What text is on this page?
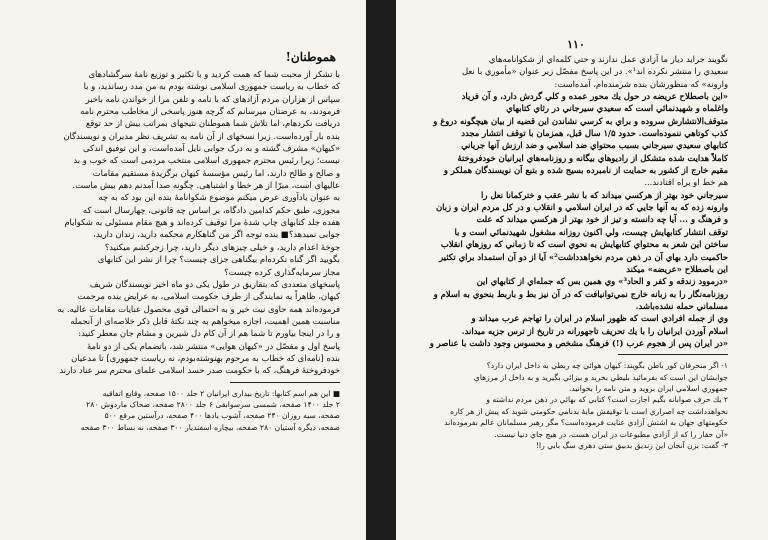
هموطنان!
با تشکر از محبت شما که همت کردید و با تکثیر و توزیع نامهٔ سرگشادهای
که خطاب به ریاست جمهوری اسلامی نوشته بودم به من مدد رساندید، و با
سپاس از هزاران مردم آزادهای که با نامه و تلفن مرا از خواندن نامه باخبر
فرمودند، به عرضتان میرسانم که گرچه هنوز پاسخی از مخاطب محترم نامه
دریافت نکردهام، اما تلاش شما هموطنان نتیجهای بمراتب بیش از حد توقع
بنده بار آورده‌است. زیرا نسخهای از آن نامه به تشریف نظر مدیران و نویسندگان
«کیهان» مشرف گشته و به درک جوابی نایل آمده‌است، و این توفیق اندکی
نیست؛ زیرا رئیس محترم جمهوری اسلامی منتخب مردمی است که خوب و بد
و صالح و طالح دارند، اما رئیس مؤسسهٔ کیهان برگزیدهٔ مستقیم مقامات
عالیهای است، مبرّا از هر خطا و اشتباهی. چگونه صدا آمدنم دهم بیش ماست.
به عنوان یادآوری عرض میکنم موضوع شکوانامهٔ بنده این بود که به چه
مجوزی، طبق حکم کدامین دادگاه، بر اساس چه قانونی، چهارسال است که
هفده جلد کتابهای چاپ شدهٔ مرا توقیف کرده‌اند و هیچ مقام مسئولی به شکوایام
جوابی نمیدهد؟■ بنده توجه اگر من گناهکارم محکمه دارید، زندان دارید،
جوخهٔ اعدام دارید، و خیلی چیزهای دیگر دارید، چرا زجرکشم میکنید؟
بگویید اگر گناه نکرده‌ام بیگناهی جزای چیست؟ چرا از نشر این کتابهای
مجاز سرمایه‌گذاری کرده چیست؟
پاسخهای متعددی که بتقاریق در طول یکی دو ماه اخیر نویسندگان شریف
کیهان، ظاهراً به نمایندگی از طرف حکومت اسلامی، به عرایض بنده مرحمت
فرموده‌اند همه حاوی نیت خیر و به احتمالی قوی محصول عنایات مقامات عالیه. به
مناسبت همین اهمیت، اجازه میخواهم به چند نکتهٔ قابل ذکر خلاصه‌ای از آنجمله
و را در اینجا بیاورم تا شما هم از آن کام دل شیرین و مشام جان معطر کنید:
پاسخ اول و مفصّل در «کیهان هوایی» منتشر شد، باتضمام یکی از دو نامهٔ
بنده [نامه‌ای که خطاب به مرحوم بهنوشته‌بودم، نه ریاست جمهوری] تا مدعیان
خودفروختهٔ فرهنگ، که با حکومت صدر حسد اسلامی علمای محترم سر عناد دارند
■ این هم اسم کتابها: تاریخ بیداری ایرانیان ۲ جلد ۱۵۰۰ صفحه، وقایع اتفاقیه
۲ جلد ۱۴۰۰ صفحه، شمسی سرسوابقی ۶ جلد ۲۸۰۰ صفحه، ضحاک ماردوش ۲۸۰
صفحه، سیه روزان ۲۴۰ صفحه، آشوب یادها ۴۰۰ صفحه، درآستین مرقع ۵۰۰
صفحه، دیگره آستیان ۲۸۰ صفحه، بیچاره اسفندیار ۳۰۰ صفحه، نه بساط ۳۰۰ صفحه
۱۱۰
نگویند جرايد ديار ما آزادي عمل ندارند و حتي كلمه‌اي از شكوانامه‌هاي
سعيدي را منتشر نكرده اند¹». در اين پاسخ مفصّل زير عنوان «مأموري با نعل
وارونه» که منظورشان بنده شرمنده‌ام، آمده‌است:
«اين باصطلاح عريضه در حول يك محور عمده و كلي گردش دارد، و آن فرياد
واغلماه و شهيدنمائي است كه سعيدي سيرجاني در رثاي كتابهاي
متوقف‌الانتشارش سروده و براي به كرسي نشاندن اين قضيه از بيان هيچگونه دروغ و
كذب كوتاهي ننموده‌است. حدود ۱/۵ سال قبل، همزمان با توقف انتشار مجدد
كتابهاي سعيدي سيرجاني بسبب محتواي ضد اسلامي و ضد ارزش آنها جرياني
كاملاً هدايت شده متشكل از راديوهاي بيگانه و روزنامه‌هاي ايرانيان خودفروختهٔ
مقيم خارج از كشور به حمايت از نامبرده بسيج شده و بتبع آن نويسندگان هملكر و
هم خط او براه افتادند...
سيرجاني خود بهتر از هركسي ميداند كه با نشر عقب و خترکمانا نعل را
وارونه زده كه به آنها جايي كه در ايران اسلامي و انقلاب و در كل مردم ايران و زبان
و فرهنگ و ... آيا چه دانسته و تيز از خود بهتر از هركسي ميداند كه علت
توقف انتشار كتابهايش چيست، ولي اكنون روزانه مشغول شهيدنمائي است و با
ساختن اين شعر به محتواي كتابهايش به نحوي است كه تا زماني كه روزهاي انقلاب
حاكميت دارد بهاي آن در ذهن مردم نخواهدداشت²» آيا از دو آن استمداد براي تكثير
اين باصطلاح «عريضه» ميكند
«درموود زندقه و كفر و الحاد³» وي همين بس كه جمله‌اي از كتابهاي اين
روزنامه‌نگار را به زبانه خارج نمي‌توانيافت كه در آن نيز بط و باربط بنحوي به اسلام و
مسلماني حمله نشده‌باشد.
وي از جمله افرادي است كه ظهور اسلام در ايران را تهاجم عرب ميداند و
اسلام آوردن ايرانيان را با يك تحريف تاجهورانه در تاريخ از ترس جزيه ميداند.
«در ايران پس از هجوم عرب (!) فرهنگ مشخص و محسوس وجود داشت با عناصر و
۱- اگر منحرفان كور باطن بگويند: كيهان هوائي چه ربطي به داخل ايران دارد؟
جوابشان اين است كه بفرمائيد بليطي بخريد و بيزائي بگيريد و به داخل از مرزهاي
جمهوري اسلامي ايران برويد و متن نامه را بخوانيد.
۲ يك حرف صوابانه بگيم اجازت است؟ كتابي كه بهائي در ذهن مردم نداشته و
نخواهدداشت چه اصراري است با توقيفش مايهٔ بدنامي حكومتي شويد كه پيش از هر كاره
حكومتهاي جهان به اشتش آزادي عنايت فرموده‌است؟ مگر رهبر مسلمانان عالم نفرموده‌اند
«آن حقار را كه از آزادي مطبوعات در ايران هست، در هيچ جاي دنيا نيست.
۳- گفت: بزن آنجان اين زنديق بدبيق ستي دهري سگ بابي را!
